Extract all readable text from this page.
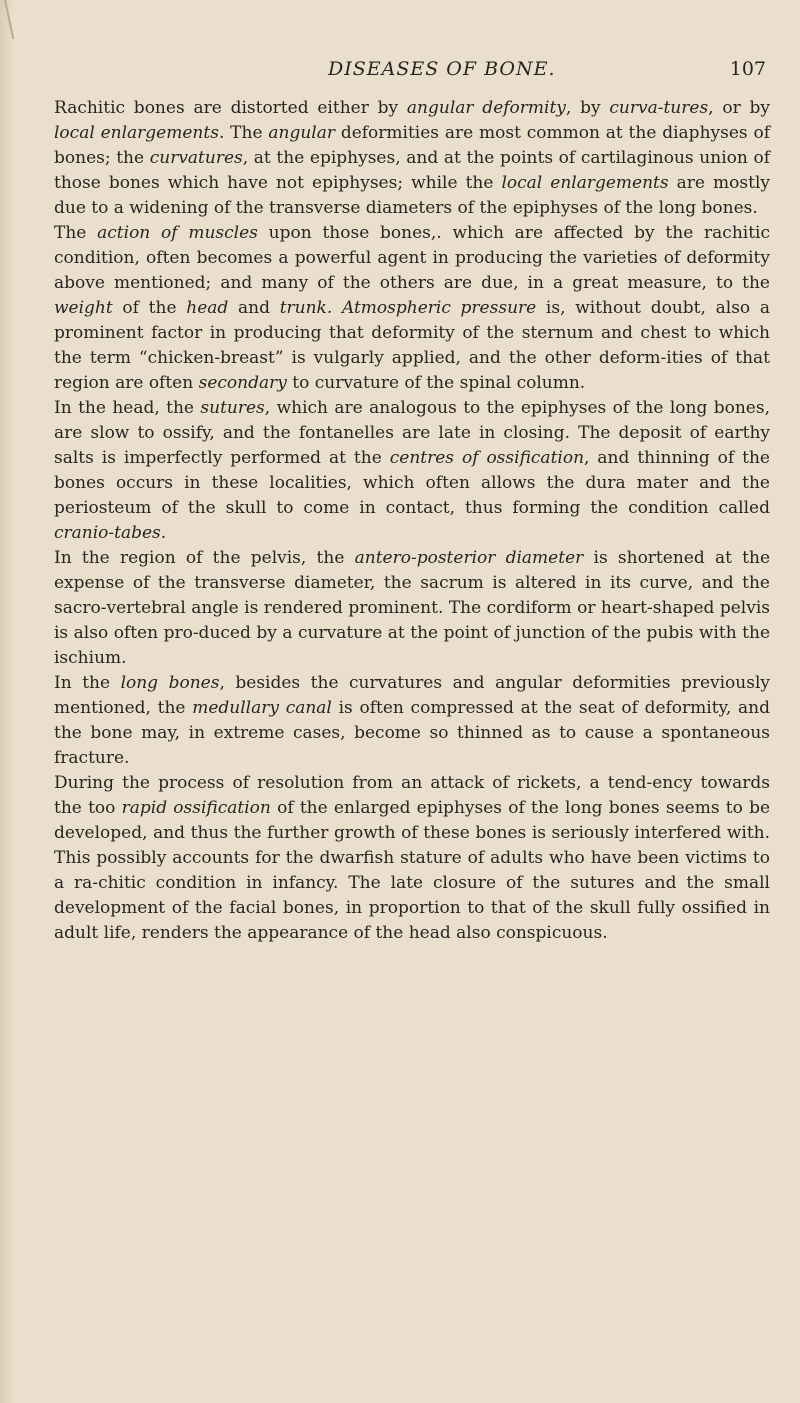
DISEASES OF BONE.	107

Rachitic bones are distorted either by angular deformity, by curva-tures, or by local enlargements. The angular deformities are most common at the diaphyses of bones; the curvatures, at the epiphyses, and at the points of cartilaginous union of those bones which have not epiphyses; while the local enlargements are mostly due to a widening of the transverse diameters of the epiphyses of the long bones.

The action of muscles upon those bones,. which are affected by the rachitic condition, often becomes a powerful agent in producing the varieties of deformity above mentioned; and many of the others are due, in a great measure, to the weight of the head and trunk. Atmospheric pressure is, without doubt, also a prominent factor in producing that deformity of the sternum and chest to which the term “chicken-breast” is vulgarly applied, and the other deform-ities of that region are often secondary to curvature of the spinal column.

In the head, the sutures, which are analogous to the epiphyses of the long bones, are slow to ossify, and the fontanelles are late in closing. The deposit of earthy salts is imperfectly performed at the centres of ossification, and thinning of the bones occurs in these localities, which often allows the dura mater and the periosteum of the skull to come in contact, thus forming the condition called cranio-tabes.

In the region of the pelvis, the antero-posterior diameter is shortened at the expense of the transverse diameter, the sacrum is altered in its curve, and the sacro-vertebral angle is rendered prominent. The cordiform or heart-shaped pelvis is also often pro-duced by a curvature at the point of junction of the pubis with the ischium.

In the long bones, besides the curvatures and angular deformities previously mentioned, the medullary canal is often compressed at the seat of deformity, and the bone may, in extreme cases, become so thinned as to cause a spontaneous fracture.

During the process of resolution from an attack of rickets, a tend-ency towards the too rapid ossification of the enlarged epiphyses of the long bones seems to be developed, and thus the further growth of these bones is seriously interfered with. This possibly accounts for the dwarfish stature of adults who have been victims to a ra-chitic condition in infancy. The late closure of the sutures and the small development of the facial bones, in proportion to that of the skull fully ossified in adult life, renders the appearance of the head also conspicuous.
